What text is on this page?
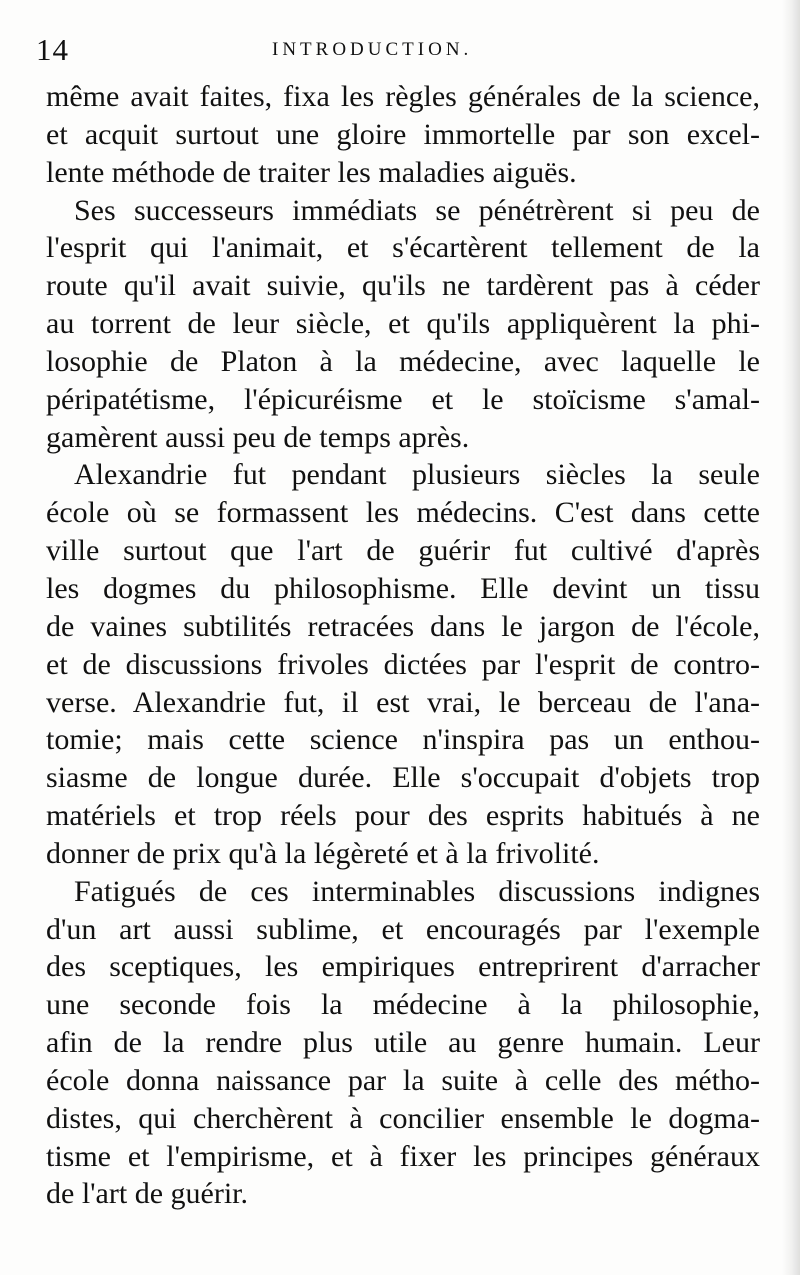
14	INTRODUCTION.
même avait faites, fixa les règles générales de la science,
et acquit surtout une gloire immortelle par son excel-
lente méthode de traiter les maladies aiguës.
Ses successeurs immédiats se pénétrèrent si peu de
l'esprit qui l'animait, et s'écartèrent tellement de la
route qu'il avait suivie, qu'ils ne tardèrent pas à céder
au torrent de leur siècle, et qu'ils appliquèrent la phi-
losophie de Platon à la médecine, avec laquelle le
péripatétisme, l'épicuréisme et le stoïcisme s'amal-
gamèrent aussi peu de temps après.
Alexandrie fut pendant plusieurs siècles la seule
école où se formassent les médecins. C'est dans cette
ville surtout que l'art de guérir fut cultivé d'après
les dogmes du philosophisme. Elle devint un tissu
de vaines subtilités retracées dans le jargon de l'école,
et de discussions frivoles dictées par l'esprit de contro-
verse. Alexandrie fut, il est vrai, le berceau de l'ana-
tomie; mais cette science n'inspira pas un enthou-
siasme de longue durée. Elle s'occupait d'objets trop
matériels et trop réels pour des esprits habitués à ne
donner de prix qu'à la légèreté et à la frivolité.
Fatigués de ces interminables discussions indignes
d'un art aussi sublime, et encouragés par l'exemple
des sceptiques, les empiriques entreprirent d'arracher
une seconde fois la médecine à la philosophie,
afin de la rendre plus utile au genre humain. Leur
école donna naissance par la suite à celle des métho-
distes, qui cherchèrent à concilier ensemble le dogma-
tisme et l'empirisme, et à fixer les principes généraux
de l'art de guérir.
